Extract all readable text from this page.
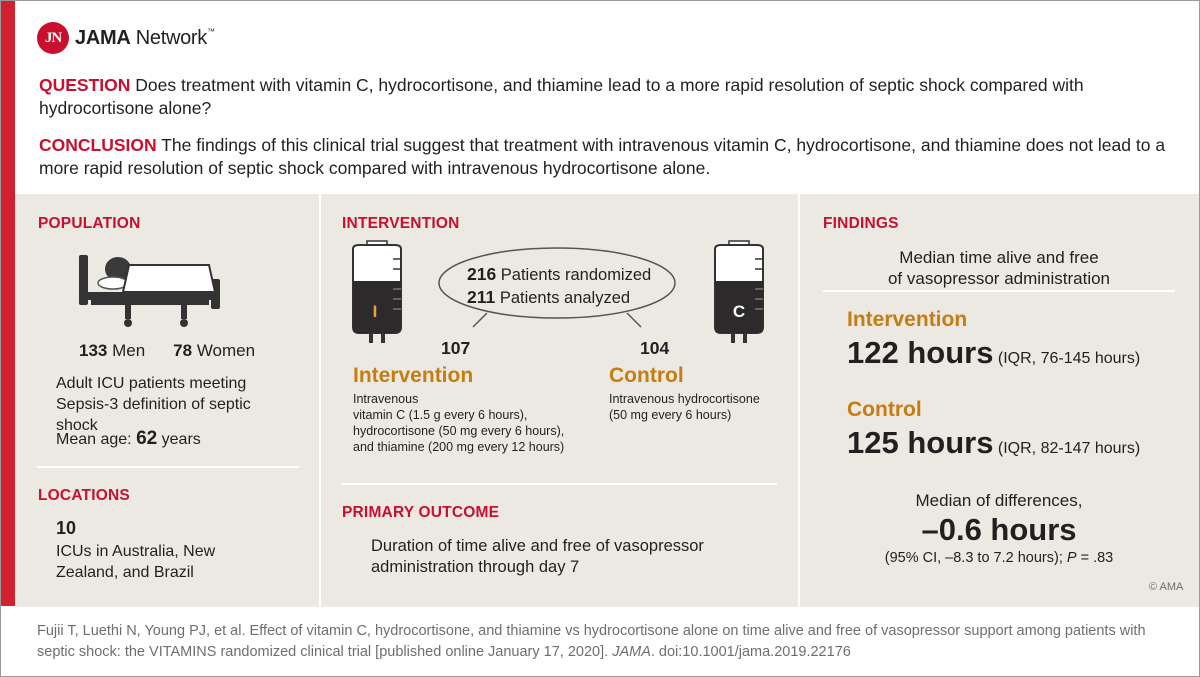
JN JAMA Network™
QUESTION Does treatment with vitamin C, hydrocortisone, and thiamine lead to a more rapid resolution of septic shock compared with hydrocortisone alone?
CONCLUSION The findings of this clinical trial suggest that treatment with intravenous vitamin C, hydrocortisone, and thiamine does not lead to a more rapid resolution of septic shock compared with intravenous hydrocortisone alone.
POPULATION
133 Men 78 Women
Adult ICU patients meeting Sepsis-3 definition of septic shock
Mean age: 62 years
LOCATIONS
10
ICUs in Australia, New Zealand, and Brazil
INTERVENTION
I	C
216 Patients randomized
211 Patients analyzed
107
Intervention
Intravenous
vitamin C (1.5 g every 6 hours),
hydrocortisone (50 mg every 6 hours),
and thiamine (200 mg every 12 hours)
104
Control
Intravenous hydrocortisone
(50 mg every 6 hours)
PRIMARY OUTCOME
Duration of time alive and free of vasopressor administration through day 7
FINDINGS
Median time alive and free
of vasopressor administration
Intervention
122 hours (IQR, 76-145 hours)
Control
125 hours (IQR, 82-147 hours)
Median of differences,
–0.6 hours
(95% CI, –8.3 to 7.2 hours); P = .83
© AMA
Fujii T, Luethi N, Young PJ, et al. Effect of vitamin C, hydrocortisone, and thiamine vs hydrocortisone alone on time alive and free of vasopressor support among patients with septic shock: the VITAMINS randomized clinical trial [published online January 17, 2020]. JAMA. doi:10.1001/jama.2019.22176
